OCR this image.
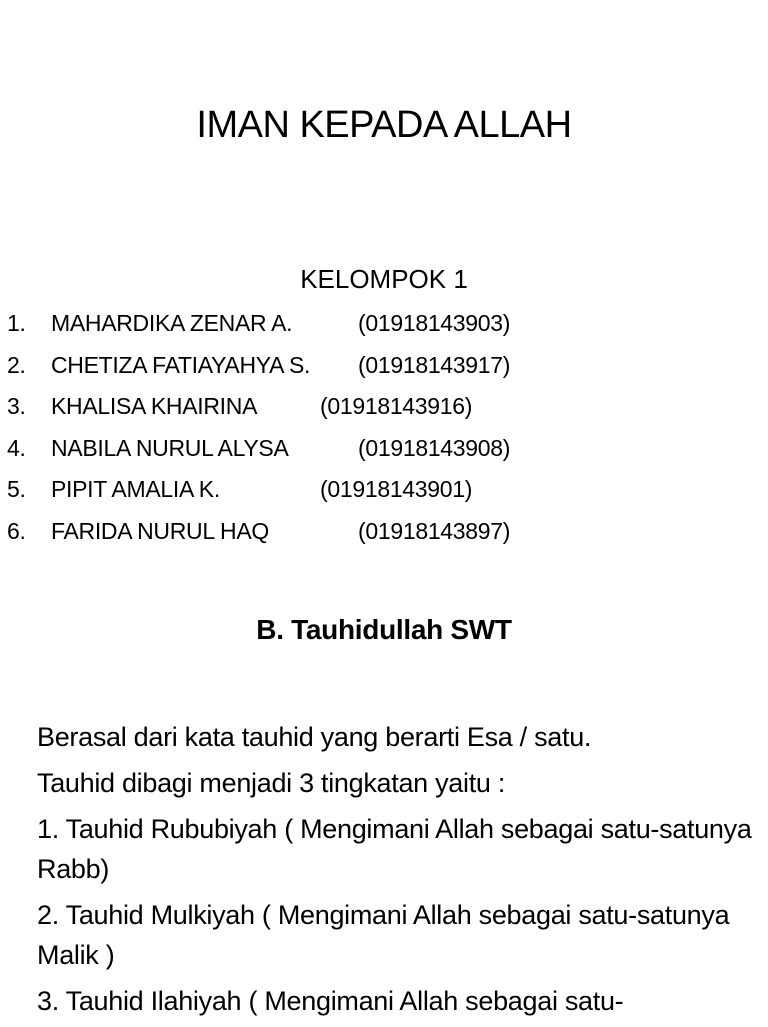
IMAN KEPADA ALLAH
KELOMPOK 1
1. MAHARDIKA ZENAR A.	(01918143903)
2. CHETIZA FATIAYAHYA S. (01918143917)
3. KHALISA KHAIRINA	(01918143916)
4. NABILA NURUL ALYSA	(01918143908)
5. PIPIT AMALIA K.	(01918143901)
6. FARIDA NURUL HAQ	(01918143897)
B. Tauhidullah SWT

Berasal dari kata tauhid yang berarti Esa / satu.

Tauhid dibagi menjadi 3 tingkatan yaitu :

1. Tauhid Rububiyah ( Mengimani Allah sebagai satu-satunya Rabb)

2. Tauhid Mulkiyah ( Mengimani Allah sebagai satu-satunya Malik )

3. Tauhid Ilahiyah ( Mengimani Allah sebagai satu-
